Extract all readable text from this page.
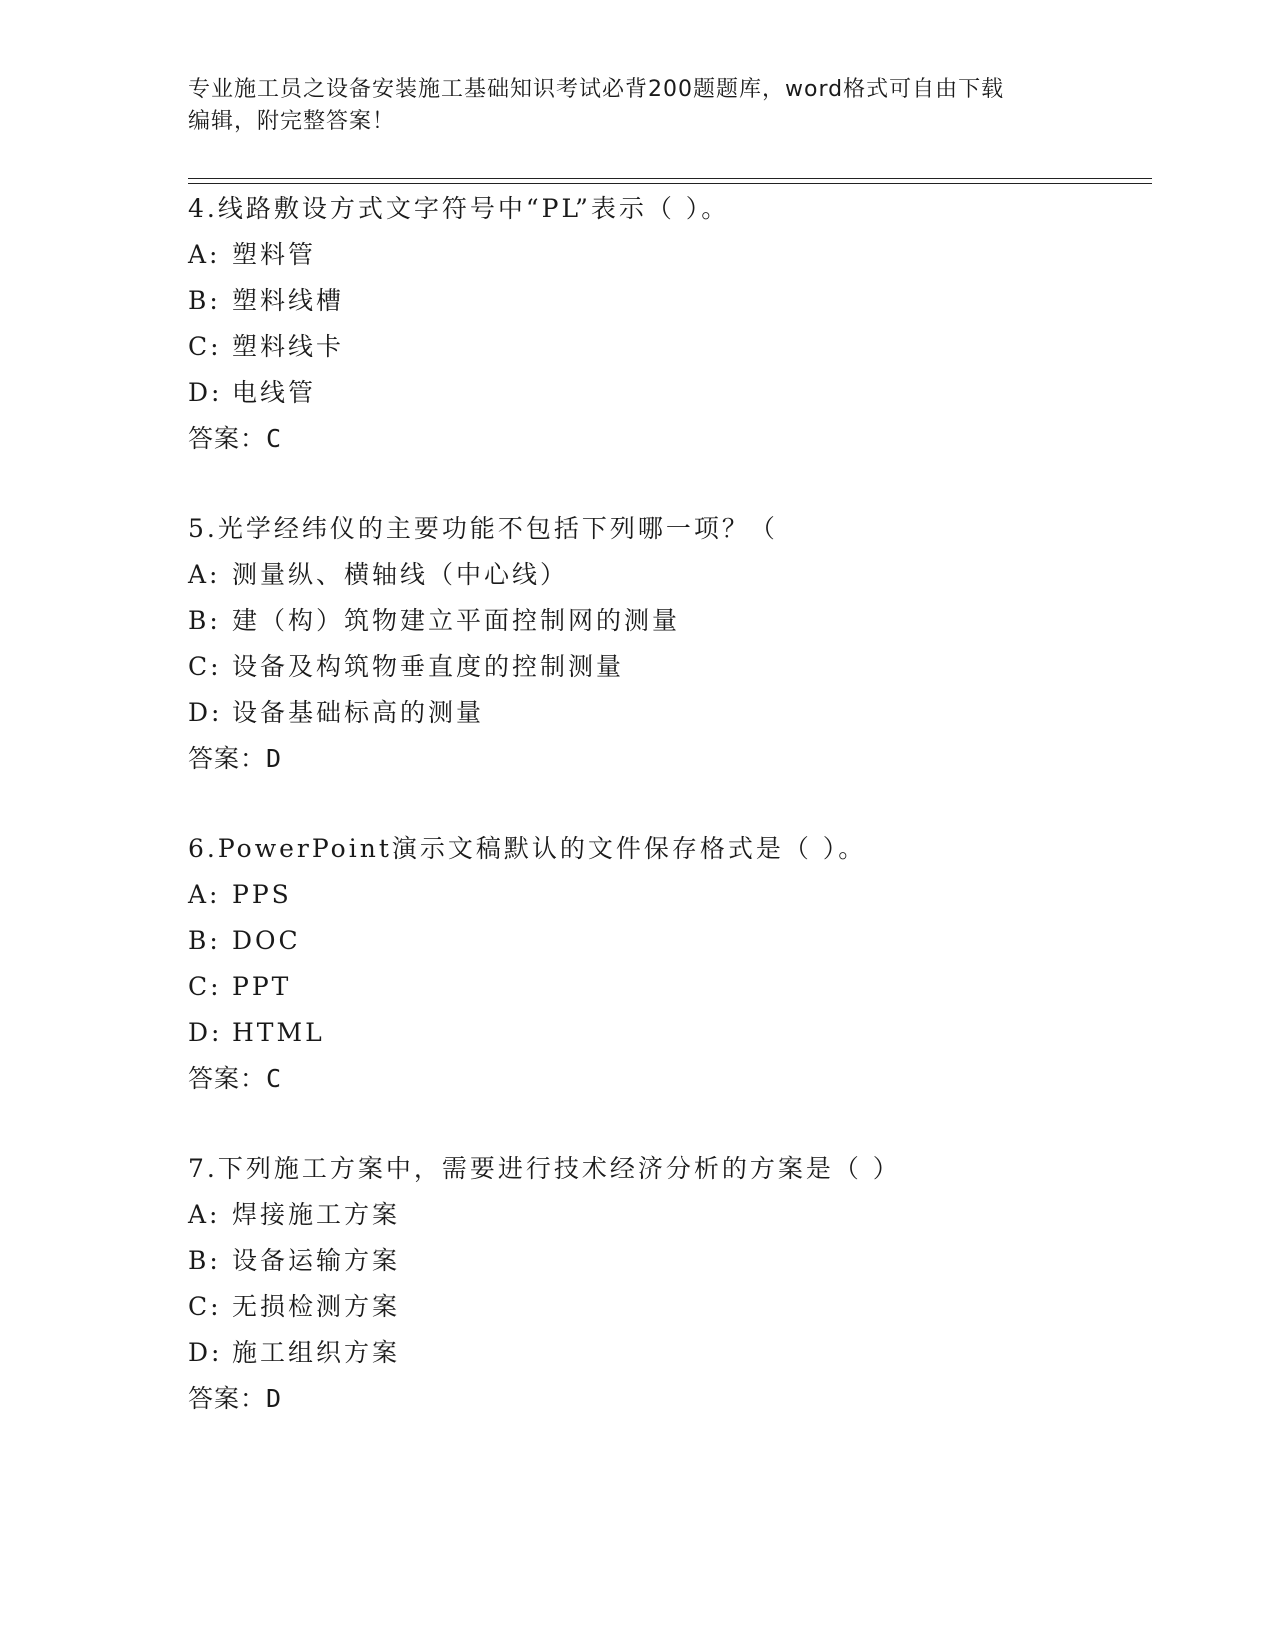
专业施工员之设备安装施工基础知识考试必背200题题库，word格式可自由下载
编辑，附完整答案！
4.线路敷设方式文字符号中“PL”表示（ ）。
A: 塑料管
B: 塑料线槽
C: 塑料线卡
D: 电线管
答案：C
5.光学经纬仪的主要功能不包括下列哪一项？（
A: 测量纵、横轴线（中心线）
B: 建（构）筑物建立平面控制网的测量
C: 设备及构筑物垂直度的控制测量
D: 设备基础标高的测量
答案：D
6.PowerPoint演示文稿默认的文件保存格式是（ ）。
A: PPS
B: DOC
C: PPT
D: HTML
答案：C
7.下列施工方案中，需要进行技术经济分析的方案是（ ）
A: 焊接施工方案
B: 设备运输方案
C: 无损检测方案
D: 施工组织方案
答案：D
